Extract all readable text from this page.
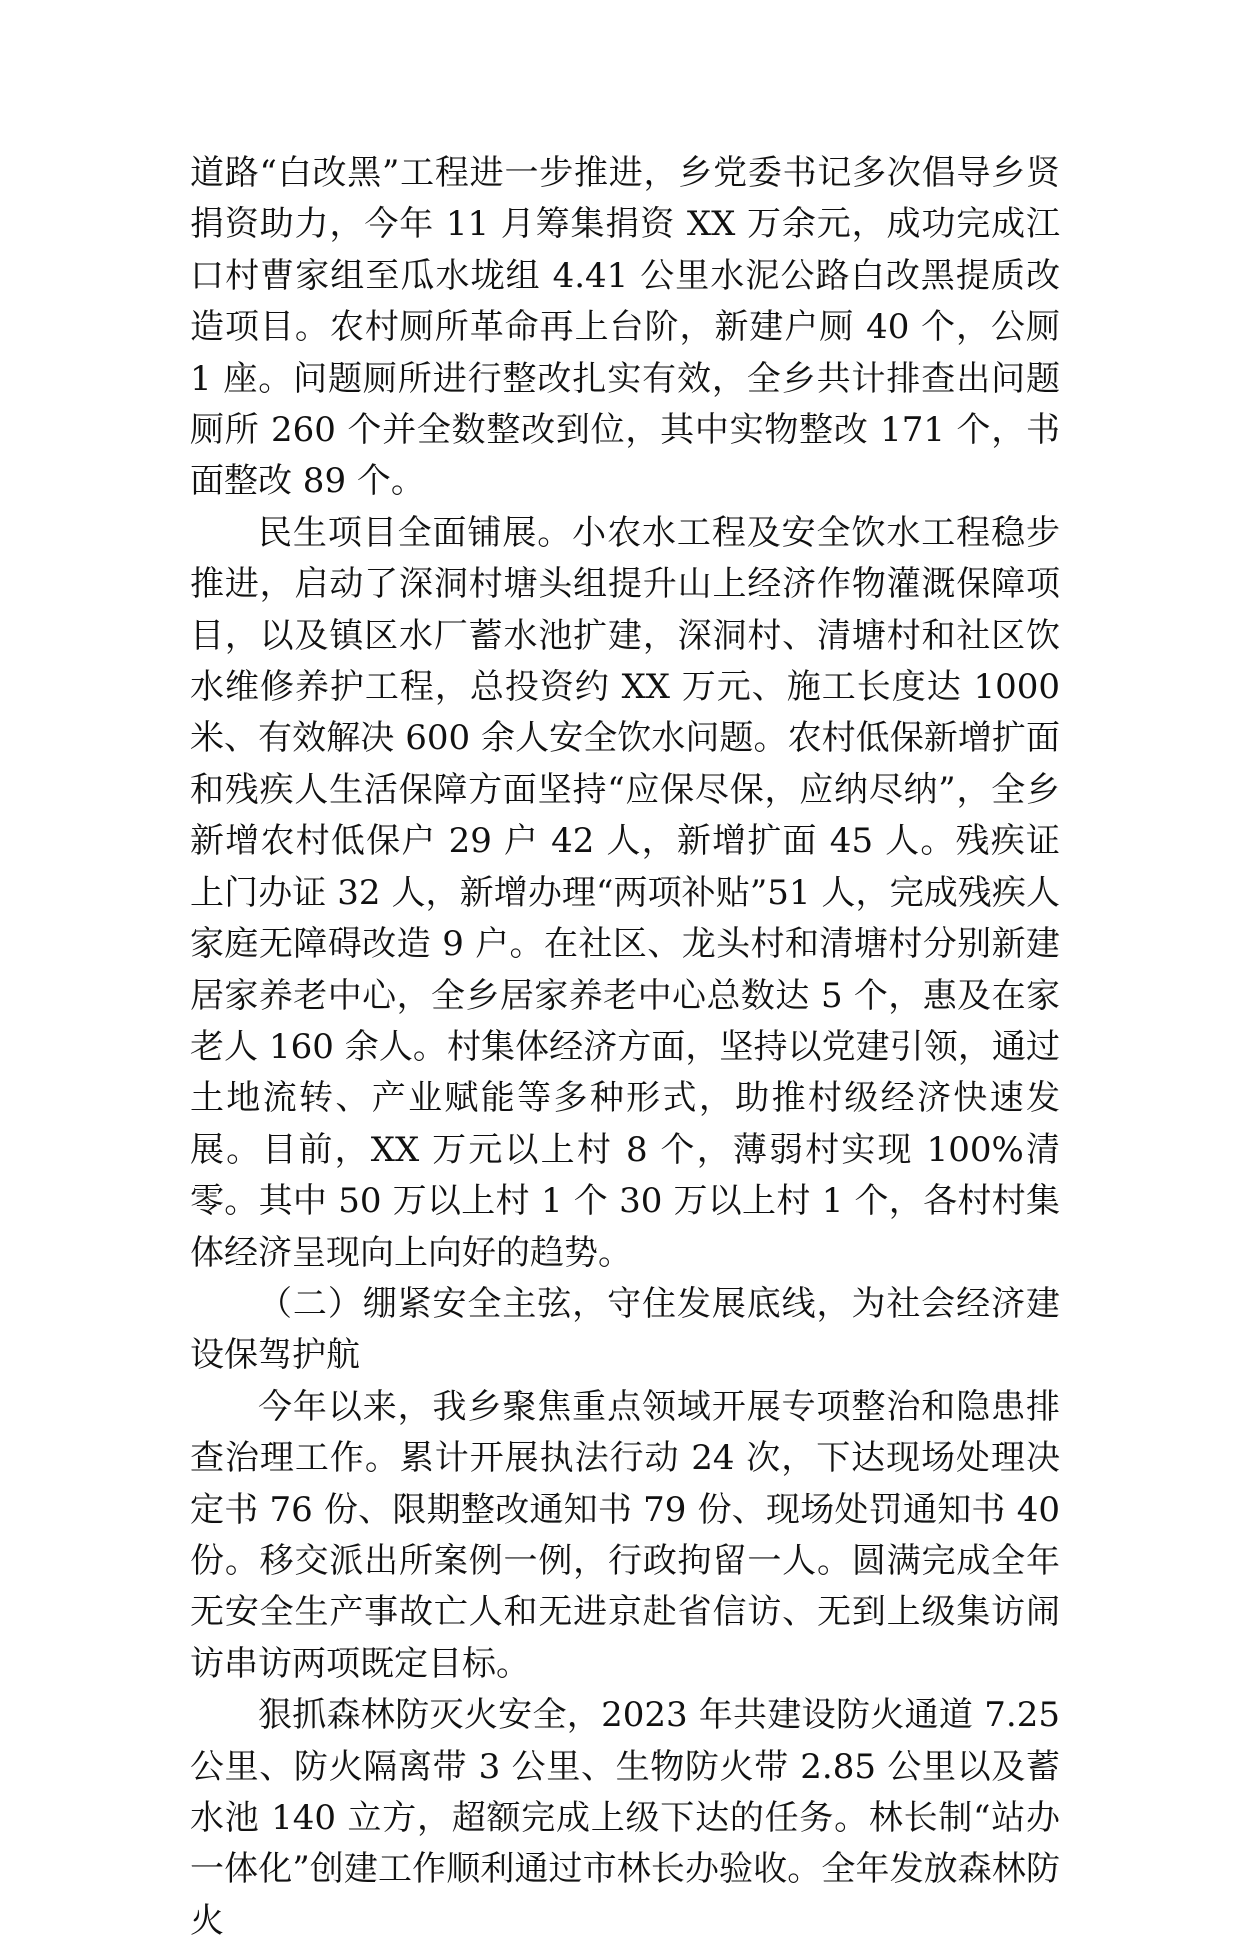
道路“白改黑”工程进一步推进，乡党委书记多次倡导乡贤捐资助力，今年 11 月筹集捐资 XX 万余元，成功完成江口村曹家组至瓜水垅组 4.41 公里水泥公路白改黑提质改造项目。农村厕所革命再上台阶，新建户厕 40 个，公厕 1 座。问题厕所进行整改扎实有效，全乡共计排查出问题厕所 260 个并全数整改到位，其中实物整改 171 个，书面整改 89 个。

民生项目全面铺展。小农水工程及安全饮水工程稳步推进，启动了深洞村塘头组提升山上经济作物灌溉保障项目，以及镇区水厂蓄水池扩建，深洞村、清塘村和社区饮水维修养护工程，总投资约 XX 万元、施工长度达 1000 米、有效解决 600 余人安全饮水问题。农村低保新增扩面和残疾人生活保障方面坚持“应保尽保，应纳尽纳”，全乡新增农村低保户 29 户 42 人，新增扩面 45 人。残疾证上门办证 32 人，新增办理“两项补贴”51 人，完成残疾人家庭无障碍改造 9 户。在社区、龙头村和清塘村分别新建居家养老中心，全乡居家养老中心总数达 5 个，惠及在家老人 160 余人。村集体经济方面，坚持以党建引领，通过土地流转、产业赋能等多种形式，助推村级经济快速发展。目前，XX 万元以上村 8 个，薄弱村实现 100%清零。其中 50 万以上村 1 个 30 万以上村 1 个，各村村集体经济呈现向上向好的趋势。

（二）绷紧安全主弦，守住发展底线，为社会经济建设保驾护航

今年以来，我乡聚焦重点领域开展专项整治和隐患排查治理工作。累计开展执法行动 24 次，下达现场处理决定书 76 份、限期整改通知书 79 份、现场处罚通知书 40 份。移交派出所案例一例，行政拘留一人。圆满完成全年无安全生产事故亡人和无进京赴省信访、无到上级集访闹访串访两项既定目标。

狠抓森林防灭火安全，2023 年共建设防火通道 7.25 公里、防火隔离带 3 公里、生物防火带 2.85 公里以及蓄水池 140 立方，超额完成上级下达的任务。林长制“站办一体化”创建工作顺利通过市林长办验收。全年发放森林防火
